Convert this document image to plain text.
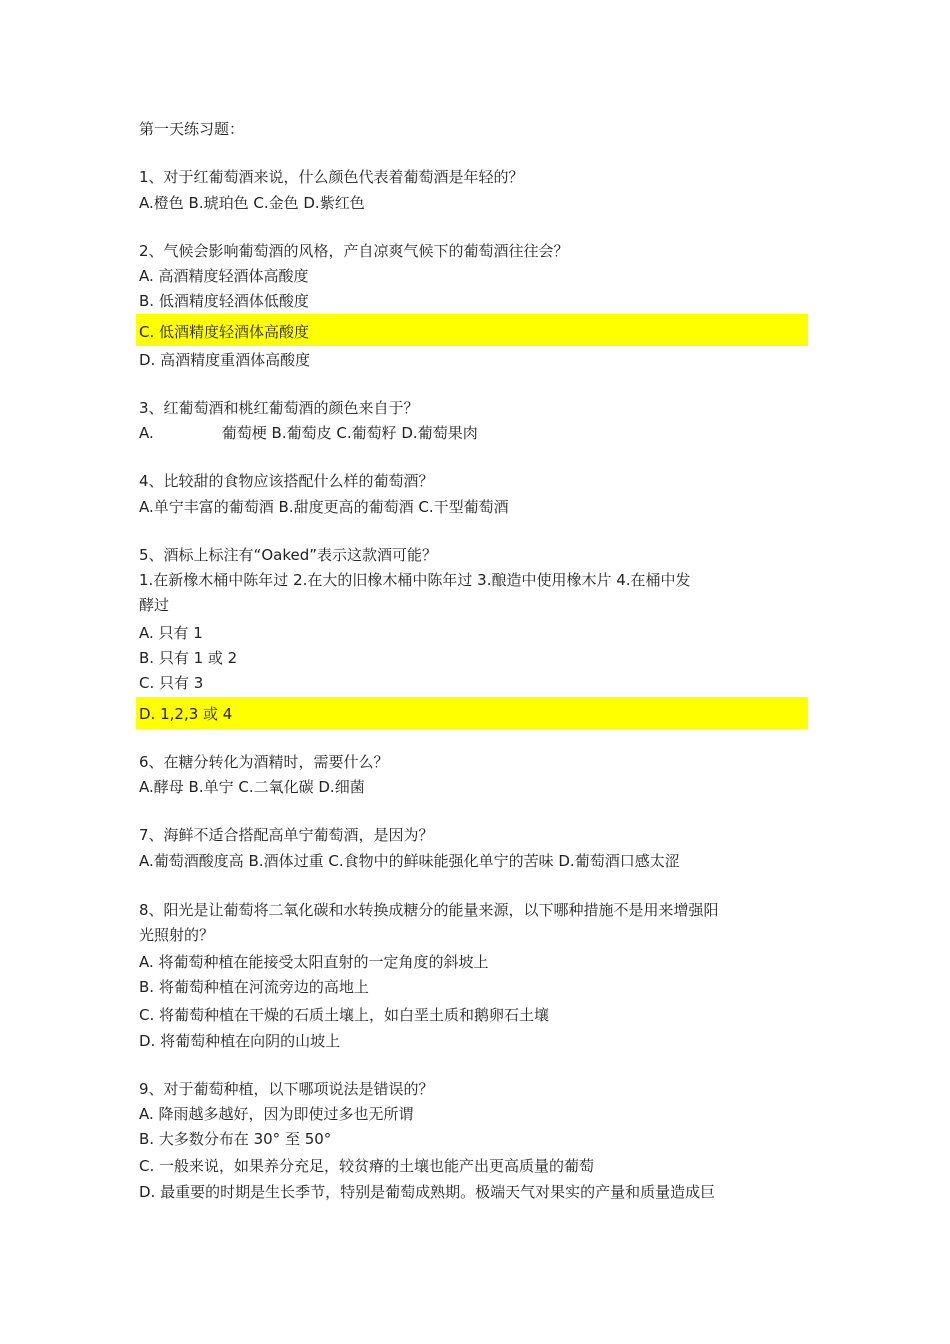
第一天练习题：
1、对于红葡萄酒来说，什么颜色代表着葡萄酒是年轻的？
A.橙色 B.琥珀色 C.金色 D.紫红色
2、气候会影响葡萄酒的风格，产自凉爽气候下的葡萄酒往往会？
A. 高酒精度轻酒体高酸度
B. 低酒精度轻酒体低酸度
C. 低酒精度轻酒体高酸度
D. 高酒精度重酒体高酸度
3、红葡萄酒和桃红葡萄酒的颜色来自于？
A.	葡萄梗 B.葡萄皮 C.葡萄籽 D.葡萄果肉
4、比较甜的食物应该搭配什么样的葡萄酒？
A.单宁丰富的葡萄酒 B.甜度更高的葡萄酒 C.干型葡萄酒
5、酒标上标注有“Oaked”表示这款酒可能？
1.在新橡木桶中陈年过 2.在大的旧橡木桶中陈年过 3.酿造中使用橡木片 4.在桶中发
酵过
A. 只有 1
B. 只有 1 或 2
C. 只有 3
D. 1,2,3 或 4
6、在糖分转化为酒精时，需要什么？
A.酵母 B.单宁 C.二氧化碳 D.细菌
7、海鲜不适合搭配高单宁葡萄酒，是因为？
A.葡萄酒酸度高 B.酒体过重 C.食物中的鲜味能强化单宁的苦味 D.葡萄酒口感太涩
8、阳光是让葡萄将二氧化碳和水转换成糖分的能量来源，以下哪种措施不是用来增强阳
光照射的？
A. 将葡萄种植在能接受太阳直射的一定角度的斜坡上
B. 将葡萄种植在河流旁边的高地上
C. 将葡萄种植在干燥的石质土壤上，如白垩土质和鹅卵石土壤
D. 将葡萄种植在向阴的山坡上
9、对于葡萄种植，以下哪项说法是错误的？
A. 降雨越多越好，因为即使过多也无所谓
B. 大多数分布在 30° 至 50°
C. 一般来说，如果养分充足，较贫瘠的土壤也能产出更高质量的葡萄
D. 最重要的时期是生长季节，特别是葡萄成熟期。极端天气对果实的产量和质量造成巨
